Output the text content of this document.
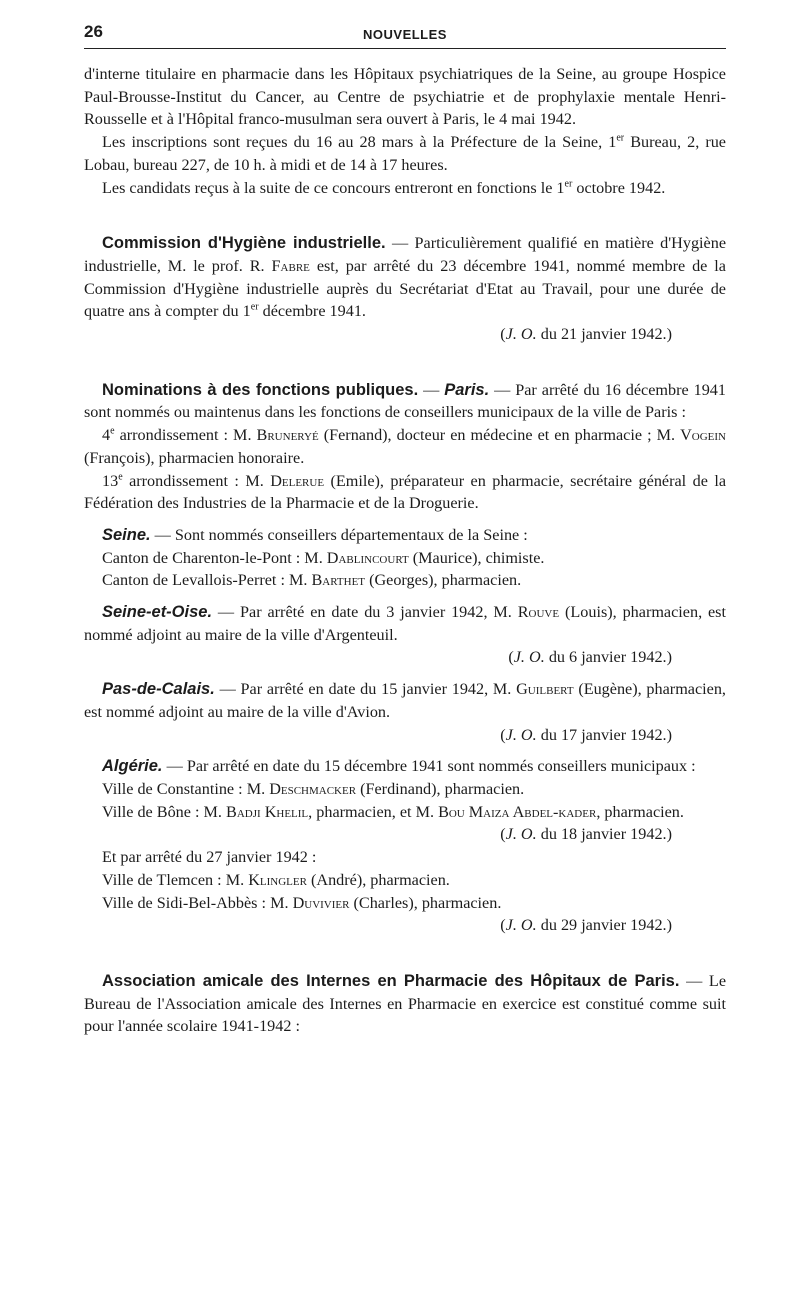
26	NOUVELLES

d'interne titulaire en pharmacie dans les Hôpitaux psychiatriques de la Seine, au groupe Hospice Paul-Brousse-Institut du Cancer, au Centre de psychiatrie et de prophylaxie mentale Henri-Rousselle et à l'Hôpital franco-musulman sera ouvert à Paris, le 4 mai 1942.

Les inscriptions sont reçues du 16 au 28 mars à la Préfecture de la Seine, 1er Bureau, 2, rue Lobau, bureau 227, de 10 h. à midi et de 14 à 17 heures.

Les candidats reçus à la suite de ce concours entreront en fonctions le 1er octobre 1942.

Commission d'Hygiène industrielle. — Particulièrement qualifié en matière d'Hygiène industrielle, M. le prof. R. Fabre est, par arrêté du 23 décembre 1941, nommé membre de la Commission d'Hygiène industrielle auprès du Secrétariat d'Etat au Travail, pour une durée de quatre ans à compter du 1er décembre 1941.

(J. O. du 21 janvier 1942.)

Nominations à des fonctions publiques. — Paris. — Par arrêté du 16 décembre 1941 sont nommés ou maintenus dans les fonctions de conseillers municipaux de la ville de Paris :

4e arrondissement : M. Bruneryé (Fernand), docteur en médecine et en pharmacie ; M. Vogein (François), pharmacien honoraire.

13e arrondissement : M. Delerue (Emile), préparateur en pharmacie, secrétaire général de la Fédération des Industries de la Pharmacie et de la Droguerie.

Seine. — Sont nommés conseillers départementaux de la Seine :

Canton de Charenton-le-Pont : M. Dablincourt (Maurice), chimiste.

Canton de Levallois-Perret : M. Barthet (Georges), pharmacien.

Seine-et-Oise. — Par arrêté en date du 3 janvier 1942, M. Rouve (Louis), pharmacien, est nommé adjoint au maire de la ville d'Argenteuil.

(J. O. du 6 janvier 1942.)

Pas-de-Calais. — Par arrêté en date du 15 janvier 1942, M. Guilbert (Eugène), pharmacien, est nommé adjoint au maire de la ville d'Avion.

(J. O. du 17 janvier 1942.)

Algérie. — Par arrêté en date du 15 décembre 1941 sont nommés conseillers municipaux :

Ville de Constantine : M. Deschmacker (Ferdinand), pharmacien.

Ville de Bône : M. Badji Khelil, pharmacien, et M. Bou Maiza Abdel-kader, pharmacien.

(J. O. du 18 janvier 1942.)

Et par arrêté du 27 janvier 1942 :

Ville de Tlemcen : M. Klingler (André), pharmacien.

Ville de Sidi-Bel-Abbès : M. Duvivier (Charles), pharmacien.

(J. O. du 29 janvier 1942.)

Association amicale des Internes en Pharmacie des Hôpitaux de Paris. — Le Bureau de l'Association amicale des Internes en Pharmacie en exercice est constitué comme suit pour l'année scolaire 1941-1942 :
